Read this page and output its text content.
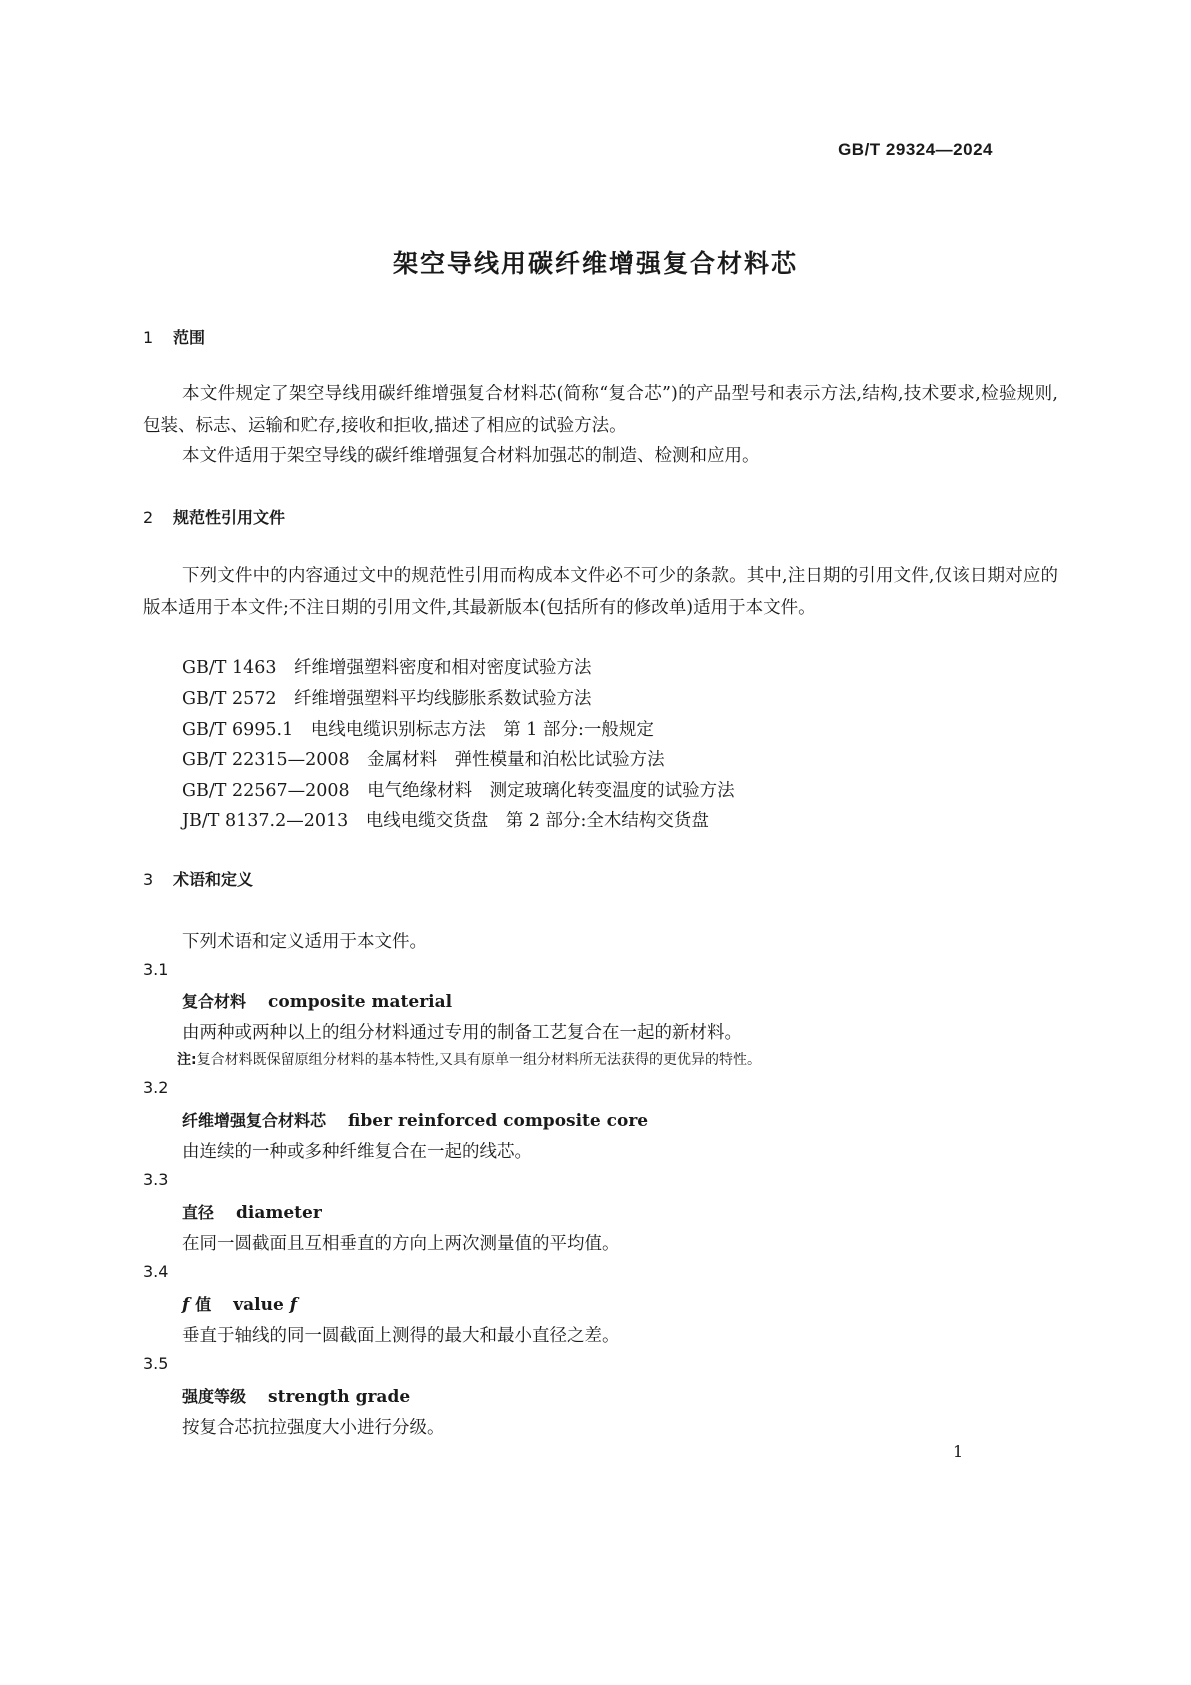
GB/T 29324—2024
架空导线用碳纤维增强复合材料芯
1 范围
本文件规定了架空导线用碳纤维增强复合材料芯(简称“复合芯”)的产品型号和表示方法,结构,技术要求,检验规则,包装、标志、运输和贮存,接收和拒收,描述了相应的试验方法。
本文件适用于架空导线的碳纤维增强复合材料加强芯的制造、检测和应用。
2 规范性引用文件
下列文件中的内容通过文中的规范性引用而构成本文件必不可少的条款。其中,注日期的引用文件,仅该日期对应的版本适用于本文件;不注日期的引用文件,其最新版本(包括所有的修改单)适用于本文件。
GB/T 1463　纤维增强塑料密度和相对密度试验方法
GB/T 2572　纤维增强塑料平均线膨胀系数试验方法
GB/T 6995.1　电线电缆识别标志方法　第 1 部分:一般规定
GB/T 22315—2008　金属材料　弹性模量和泊松比试验方法
GB/T 22567—2008　电气绝缘材料　测定玻璃化转变温度的试验方法
JB/T 8137.2—2013　电线电缆交货盘　第 2 部分:全木结构交货盘
3 术语和定义
下列术语和定义适用于本文件。
3.1
复合材料 composite material
由两种或两种以上的组分材料通过专用的制备工艺复合在一起的新材料。
注:复合材料既保留原组分材料的基本特性,又具有原单一组分材料所无法获得的更优异的特性。
3.2
纤维增强复合材料芯 fiber reinforced composite core
由连续的一种或多种纤维复合在一起的线芯。
3.3
直径 diameter
在同一圆截面且互相垂直的方向上两次测量值的平均值。
3.4
f 值 value f
垂直于轴线的同一圆截面上测得的最大和最小直径之差。
3.5
强度等级 strength grade
按复合芯抗拉强度大小进行分级。
1
